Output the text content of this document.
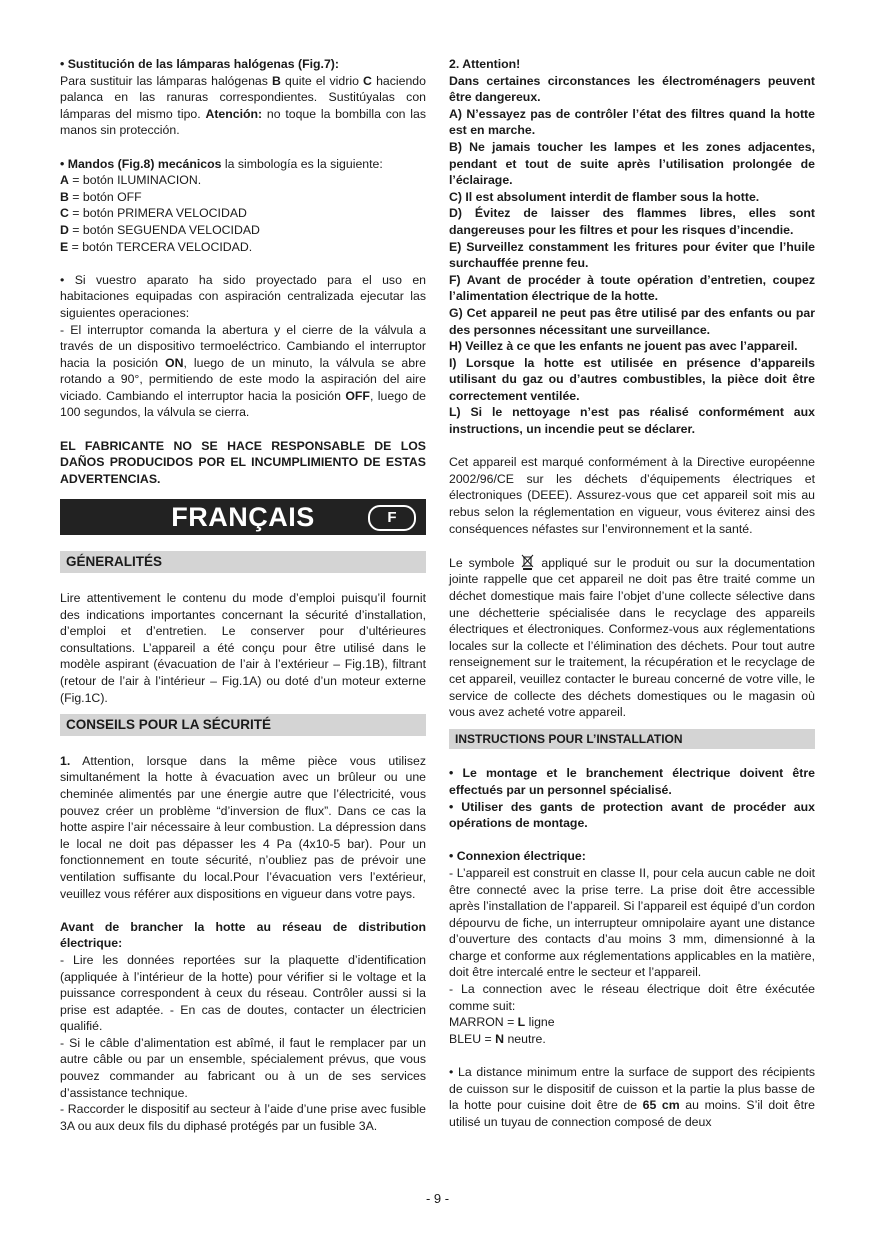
• Sustitución de las lámparas halógenas (Fig.7):

Para sustituir las lámparas halógenas B quite el vidrio C haciendo palanca en las ranuras correspondientes. Sustitúyalas con lámparas del mismo tipo. Atención: no toque la bombilla con las manos sin protección.

• Mandos (Fig.8) mecánicos la simbología es la siguiente:

A = botón ILUMINACION.

B = botón OFF

C = botón PRIMERA VELOCIDAD

D = botón SEGUENDA VELOCIDAD

E = botón TERCERA VELOCIDAD.

• Si vuestro aparato ha sido proyectado para el uso en habitaciones equipadas con aspiración centralizada ejecutar las siguientes operaciones:

- El interruptor comanda la abertura y el cierre de la válvula a través de un dispositivo termoeléctrico. Cambiando el interruptor hacia la posición ON, luego de un minuto, la válvula se abre rotando a 90°, permitiendo de este modo la aspiración del aire viciado. Cambiando el interruptor hacia la posición OFF, luego de 100 segundos, la válvula se cierra.

EL FABRICANTE NO SE HACE RESPONSABLE DE LOS DAÑOS PRODUCIDOS POR EL INCUMPLIMIENTO DE ESTAS ADVERTENCIAS.

FRANÇAIS	F
GÉNERALITÉS

Lire attentivement le contenu du mode d’emploi puisqu’il fournit des indications importantes concernant la sécurité d’installation, d’emploi et d’entretien. Le conserver pour d’ultérieures consultations. L’appareil a été conçu pour être utilisé dans le modèle aspirant (évacuation de l’air à l’extérieur – Fig.1B), filtrant (retour de l’air à l’intérieur – Fig.1A) ou doté d’un moteur externe (Fig.1C).

CONSEILS POUR LA SÉCURITÉ

1. Attention, lorsque dans la même pièce vous utilisez simultanément la hotte à évacuation avec un brûleur ou une cheminée alimentés par une énergie autre que l’électricité, vous pouvez créer un problème “d’inversion de flux”. Dans ce cas la hotte aspire l’air nécessaire à leur combustion. La dépression dans le local ne doit pas dépasser les 4 Pa (4x10-5 bar). Pour un fonctionnement en toute sécurité, n’oubliez pas de prévoir une ventilation suffisante du local.Pour l’évacuation vers l’extérieur, veuillez vous référer aux dispositions en vigueur dans votre pays.

Avant de brancher la hotte au réseau de distribution électrique:

- Lire les données reportées sur la plaquette d’identification (appliquée à l’intérieur de la hotte) pour vérifier si le voltage et la puissance correspondent à ceux du réseau. Contrôler aussi si la prise est adaptée. - En cas de doutes, contacter un électricien qualifié.

- Si le câble d’alimentation est abîmé, il faut le remplacer par un autre câble ou par un ensemble, spécialement prévus, que vous pouvez commander au fabricant ou à un de ses services d’assistance technique.

- Raccorder le dispositif au secteur à l’aide d’une prise avec fusible 3A ou aux deux fils du diphasé protégés par un fusible 3A.

2. Attention!

Dans certaines circonstances les électroménagers peuvent être dangereux.

A) N’essayez pas de contrôler l’état des filtres quand la hotte est en marche.

B) Ne jamais toucher les lampes et les zones adjacentes, pendant et tout de suite après l’utilisation prolongée de l’éclairage.

C) Il est absolument interdit de flamber sous la hotte.

D) Évitez de laisser des flammes libres, elles sont dangereuses pour les filtres et pour les risques d’incendie.

E) Surveillez constamment les fritures pour éviter que l’huile surchauffée prenne feu.

F) Avant de procéder à toute opération d’entretien, coupez l’alimentation électrique de la hotte.

G) Cet appareil ne peut pas être utilisé par des enfants ou par des personnes nécessitant une surveillance.

H) Veillez à ce que les enfants ne jouent pas avec l’appareil.

I) Lorsque la hotte est utilisée en présence d’appareils utilisant du gaz ou d’autres combustibles, la pièce doit être correctement ventilée.

L) Si le nettoyage n’est pas réalisé conformément aux instructions, un incendie peut se déclarer.

Cet appareil est marqué conformément à la Directive européenne 2002/96/CE sur les déchets d’équipements électriques et électroniques (DEEE). Assurez-vous que cet appareil soit mis au rebus selon la réglementation en vigueur, vous éviterez ainsi des conséquences néfastes sur l’environnement et la santé.

Le symbole  appliqué sur le produit ou sur la documentation jointe rappelle que cet appareil ne doit pas être traité comme un déchet domestique mais faire l’objet d’une collecte sélective dans une déchetterie spécialisée dans le recyclage des appareils électriques et électroniques. Conformez-vous aux réglementations locales sur la collecte et l’élimination des déchets. Pour tout autre renseignement sur le traitement, la récupération et le recyclage de cet appareil, veuillez contacter le bureau concerné de votre ville, le service de collecte des déchets domestiques ou le magasin où vous avez acheté votre appareil.

INSTRUCTIONS POUR L’INSTALLATION

• Le montage et le branchement électrique doivent être effectués par un personnel spécialisé.

• Utiliser des gants de protection avant de procéder aux opérations de montage.

• Connexion électrique:

- L’appareil est construit en classe II, pour cela aucun cable ne doit être connecté avec la prise terre. La prise doit être accessible après l’installation de l’appareil. Si l’appareil est équipé d’un cordon dépourvu de fiche, un interrupteur omnipolaire ayant une distance d’ouverture des contacts d’au moins 3 mm, dimensionné à la charge et conforme aux réglementations applicables en la matière, doit être intercalé entre le secteur et l’appareil.

- La connection avec le réseau électrique doit être éxécutée comme suit:

MARRON = L ligne

BLEU = N neutre.

• La distance minimum entre la surface de support des récipients de cuisson sur le dispositif de cuisson et la partie la plus basse de la hotte pour cuisine doit être de 65 cm au moins. S’il doit être utilisé un tuyau de connection composé de deux

- 9 -
